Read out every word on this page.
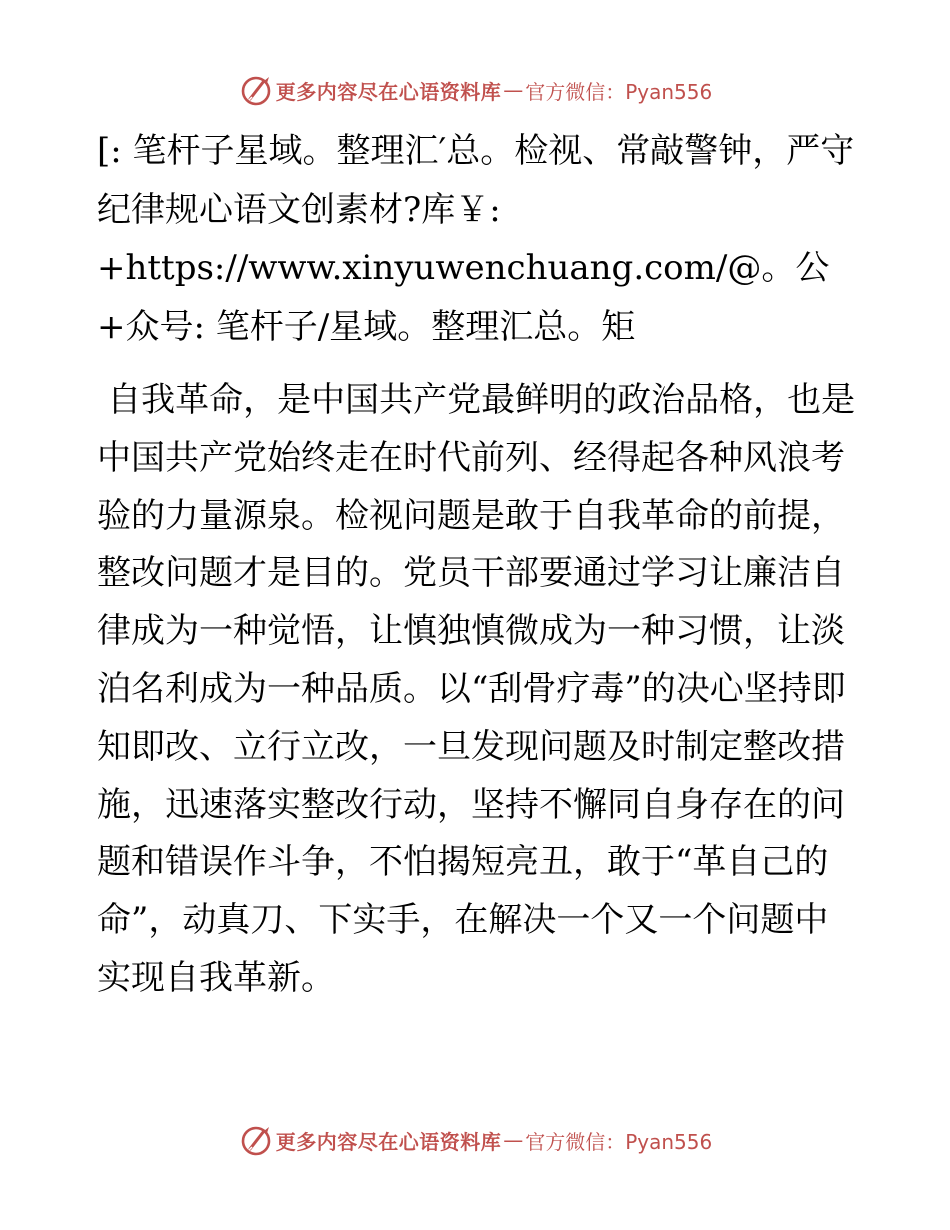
更多内容尽在心语资料库 — 官方微信：Pyan556

[: 笔杆子星域。整理汇′总。检视、常敲警钟，严守纪律规心语文创素材?库￥: +https://www.xinyuwenchuang.com/@。公+众号: 笔杆子/星域。整理汇总。矩

自我革命，是中国共产党最鲜明的政治品格，也是中国共产党始终走在时代前列、经得起各种风浪考验的力量源泉。检视问题是敢于自我革命的前提，整改问题才是目的。党员干部要通过学习让廉洁自律成为一种觉悟，让慎独慎微成为一种习惯，让淡泊名利成为一种品质。以“刮骨疗毒”的决心坚持即知即改、立行立改，一旦发现问题及时制定整改措施，迅速落实整改行动，坚持不懈同自身存在的问题和错误作斗争，不怕揭短亮丑，敢于“革自己的命”，动真刀、下实手，在解决一个又一个问题中实现自我革新。

更多内容尽在心语资料库 — 官方微信：Pyan556
